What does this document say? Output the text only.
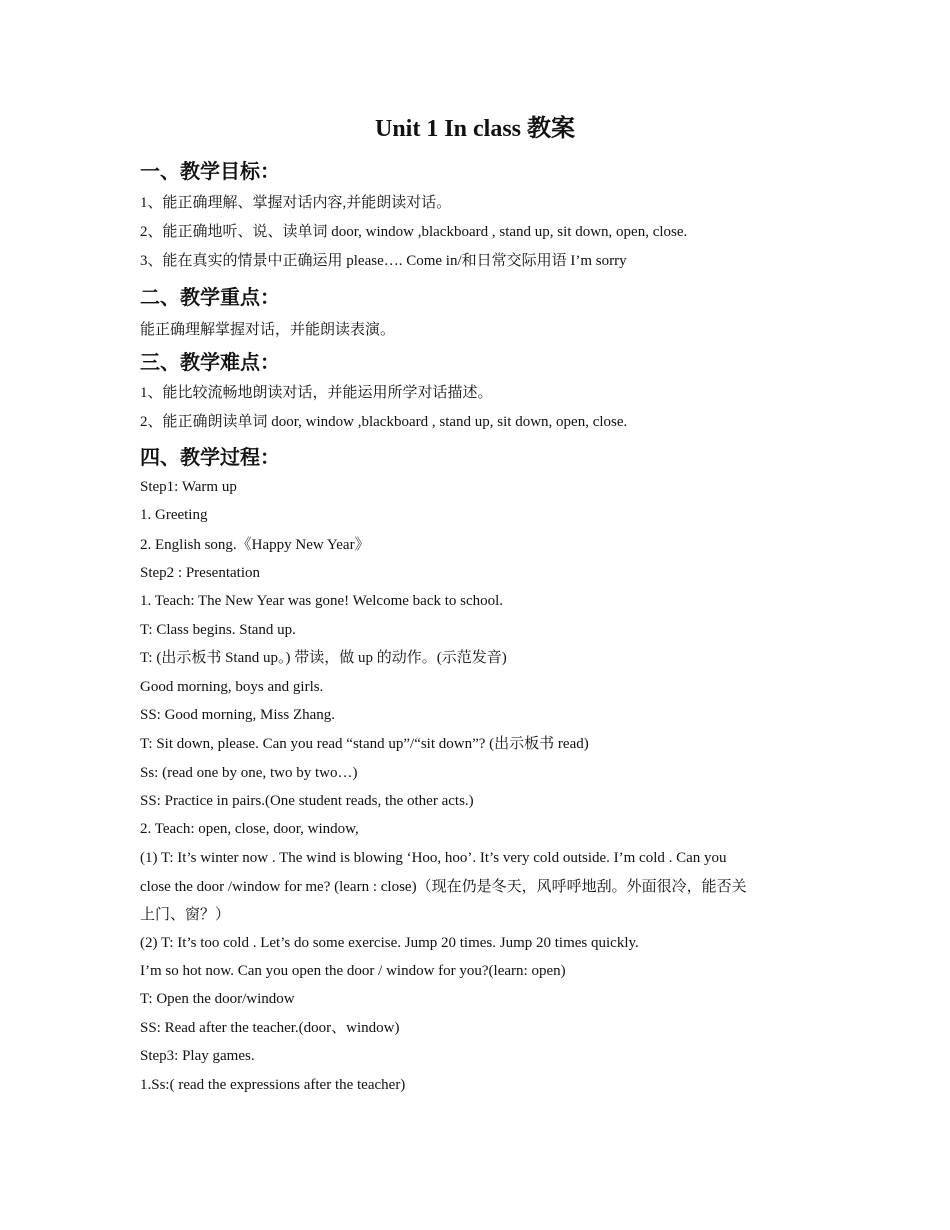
Unit 1 In class 教案
一、教学目标：
1、能正确理解、掌握对话内容,并能朗读对话。
2、能正确地听、说、读单词 door, window ,blackboard , stand up, sit down, open, close.
3、能在真实的情景中正确运用 please…. Come in/和日常交际用语 I’m sorry
二、教学重点：
能正确理解掌握对话，并能朗读表演。
三、教学难点：
1、能比较流畅地朗读对话，并能运用所学对话描述。
2、能正确朗读单词 door, window ,blackboard , stand up, sit down, open, close.
四、教学过程：
Step1: Warm up
1. Greeting
2. English song.《Happy New Year》
Step2 : Presentation
1. Teach: The New Year was gone! Welcome back to school.
T: Class begins. Stand up.
T: (出示板书 Stand up。) 带读，做 up 的动作。(示范发音)
Good morning, boys and girls.
SS: Good morning, Miss Zhang.
T: Sit down, please. Can you read “stand up”/“sit down”? (出示板书 read)
Ss: (read one by one, two by two…)
SS: Practice in pairs.(One student reads, the other acts.)
2. Teach: open, close, door, window,
(1) T: It’s winter now . The wind is blowing ‘Hoo, hoo’. It’s very cold outside. I’m cold . Can you
close the door /window for me? (learn : close)（现在仍是冬天，风呼呼地刮。外面很冷，能否关
上门、窗？）
(2) T: It’s too cold . Let’s do some exercise. Jump 20 times. Jump 20 times quickly.
I’m so hot now. Can you open the door / window for you?(learn: open)
T: Open the door/window
SS: Read after the teacher.(door、window)
Step3: Play games.
1.Ss:( read the expressions after the teacher)
